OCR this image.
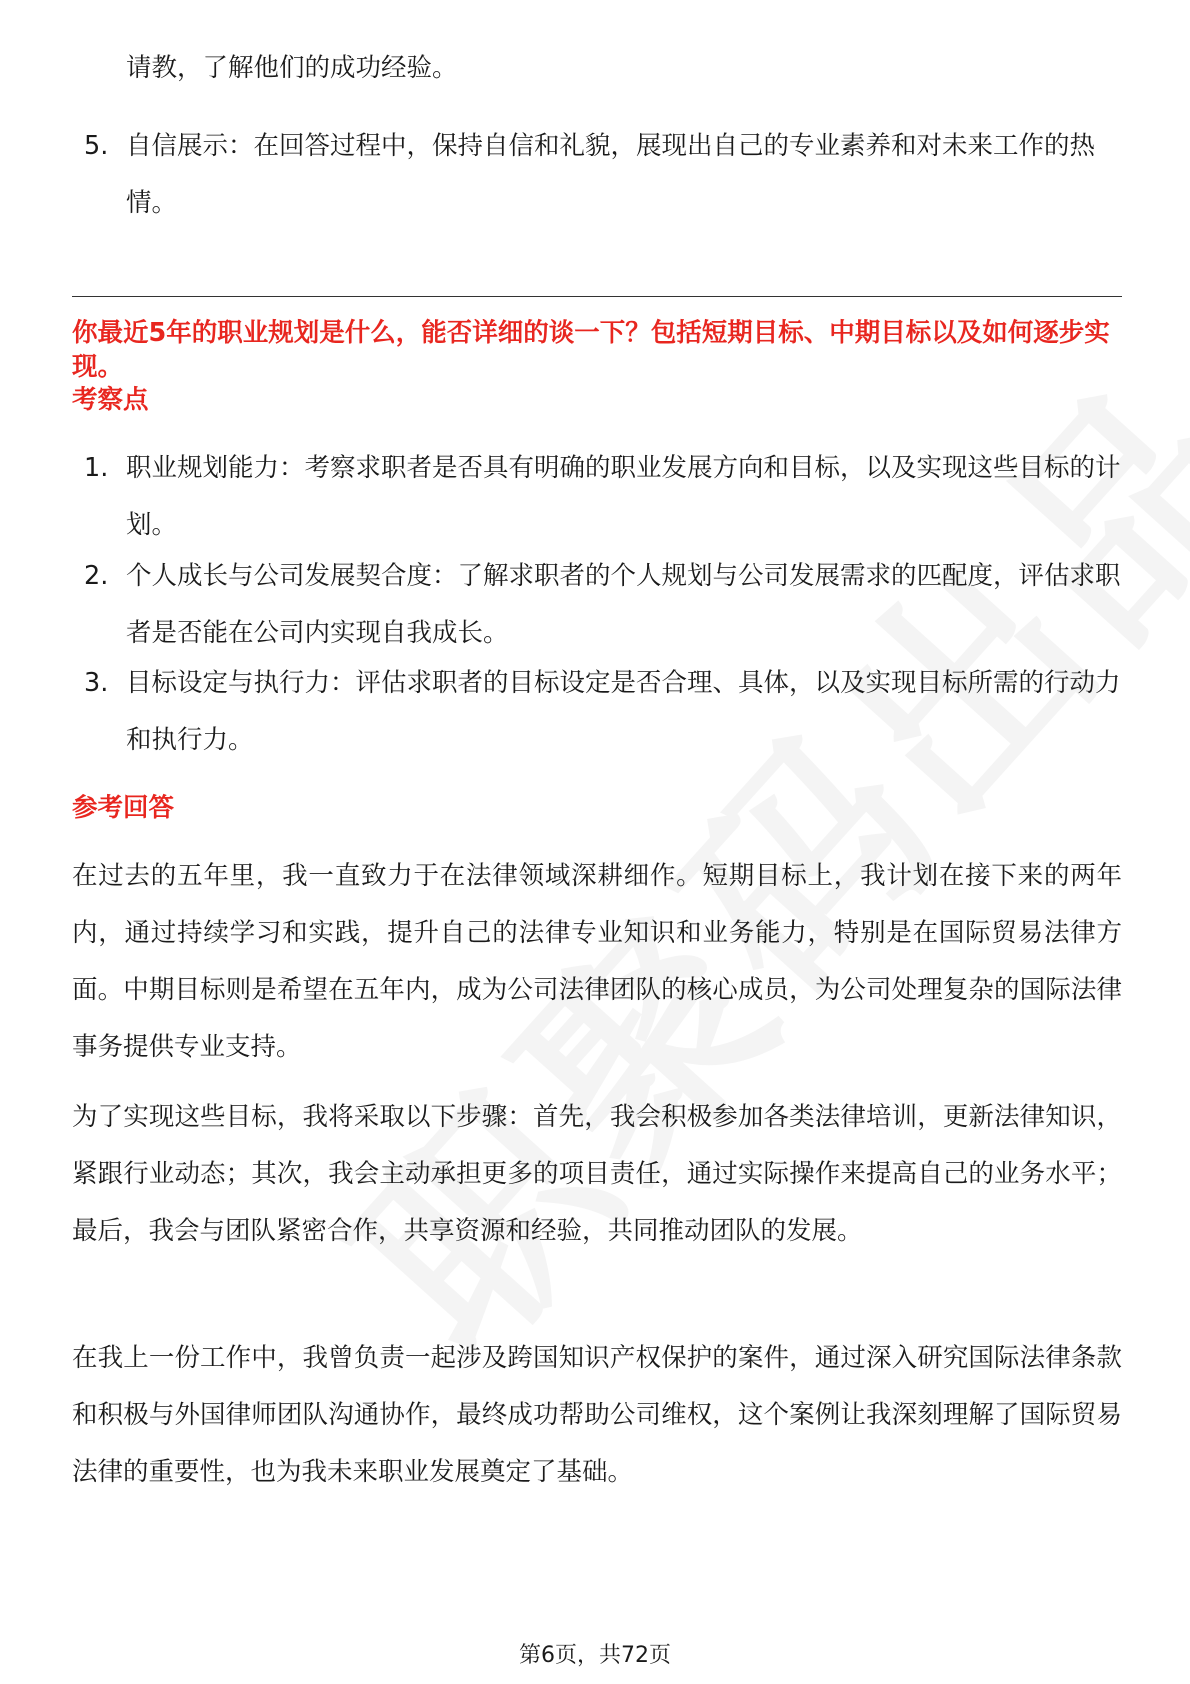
请教，了解他们的成功经验。
5. 自信展示：在回答过程中，保持自信和礼貌，展现出自己的专业素养和对未来工作的热情。
你最近5年的职业规划是什么，能否详细的谈一下？包括短期目标、中期目标以及如何逐步实现。
考察点
1. 职业规划能力：考察求职者是否具有明确的职业发展方向和目标，以及实现这些目标的计划。
2. 个人成长与公司发展契合度：了解求职者的个人规划与公司发展需求的匹配度，评估求职者是否能在公司内实现自我成长。
3. 目标设定与执行力：评估求职者的目标设定是否合理、具体，以及实现目标所需的行动力和执行力。
参考回答
在过去的五年里，我一直致力于在法律领域深耕细作。短期目标上，我计划在接下来的两年内，通过持续学习和实践，提升自己的法律专业知识和业务能力，特别是在国际贸易法律方面。中期目标则是希望在五年内，成为公司法律团队的核心成员，为公司处理复杂的国际法律事务提供专业支持。
为了实现这些目标，我将采取以下步骤：首先，我会积极参加各类法律培训，更新法律知识，紧跟行业动态；其次，我会主动承担更多的项目责任，通过实际操作来提高自己的业务水平；最后，我会与团队紧密合作，共享资源和经验，共同推动团队的发展。
在我上一份工作中，我曾负责一起涉及跨国知识产权保护的案件，通过深入研究国际法律条款和积极与外国律师团队沟通协作，最终成功帮助公司维权，这个案例让我深刻理解了国际贸易法律的重要性，也为我未来职业发展奠定了基础。
第6页，共72页
